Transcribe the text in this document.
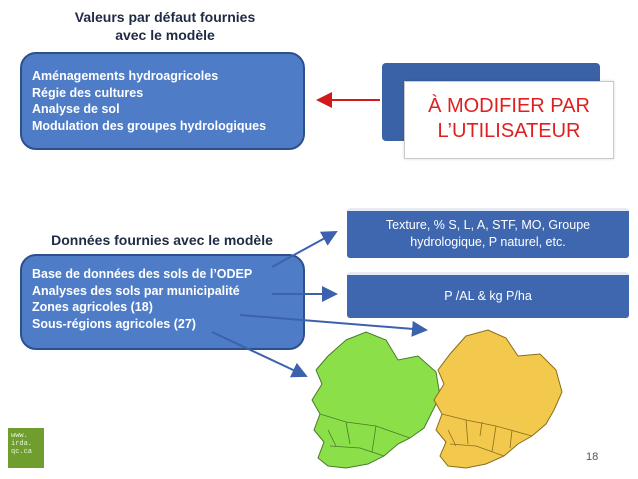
Valeurs par défaut fournies
avec le modèle
Aménagements hydroagricoles
Régie des cultures
Analyse de sol
Modulation des groupes hydrologiques
À MODIFIER PAR
L’UTILISATEUR
Données fournies avec le modèle
Base de données des sols de l’ODEP
Analyses des sols par municipalité
Zones agricoles (18)
Sous-régions agricoles (27)
Texture, % S, L, A, STF, MO, Groupe
hydrologique, P naturel, etc.
P /AL & kg P/ha
www.
irda.
qc.ca	18
